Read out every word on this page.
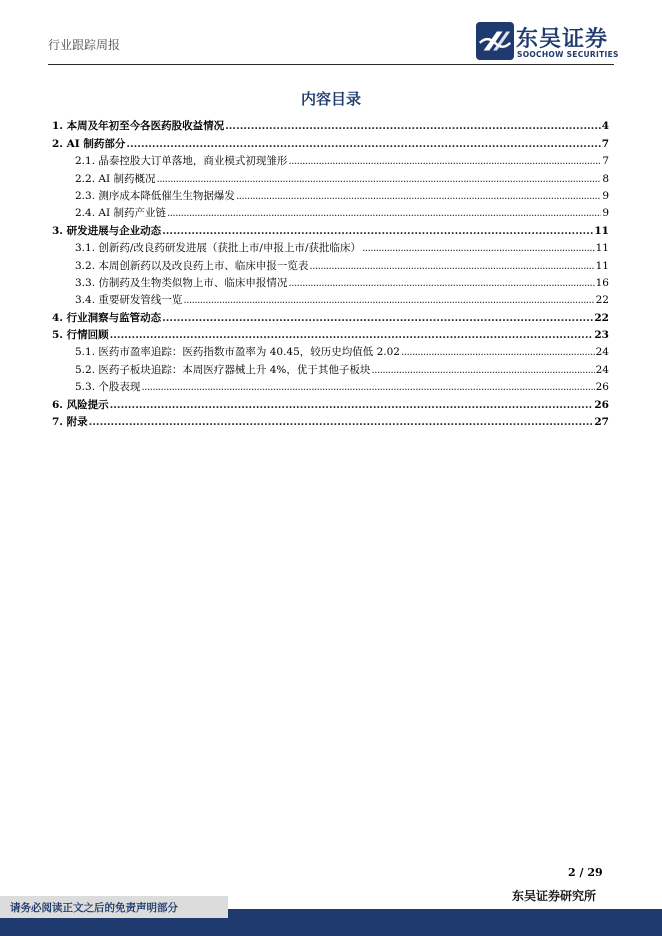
行业跟踪周报	东吴证券
SOOCHOW SECURITIES
内容目录
1. 本周及年初至今各医药股收益情况 .....	4
2. AI 制药部分 .....	7
2.1. 晶泰控股大订单落地，商业模式初现雏形 .....	7
2.2. AI 制药概况 .....	8
2.3. 测序成本降低催生生物据爆发 .....	9
2.4. AI 制药产业链 .....	9
3. 研发进展与企业动态 .....	11
3.1. 创新药/改良药研发进展（获批上市/申报上市/获批临床） .....	11
3.2. 本周创新药以及改良药上市、临床申报一览表 .....	11
3.3. 仿制药及生物类似物上市、临床申报情况 .....	16
3.4. 重要研发管线一览 .....	22
4. 行业洞察与监管动态 .....	22
5. 行情回顾 .....	23
5.1. 医药市盈率追踪：医药指数市盈率为 40.45，较历史均值低 2.02 .....	24
5.2. 医药子板块追踪：本周医疗器械上升 4%，优于其他子板块 .....	24
5.3. 个股表现 .....	26
6. 风险提示 .....	26
7. 附录 .....	27
2 / 29
东吴证券研究所
请务必阅读正文之后的免责声明部分
